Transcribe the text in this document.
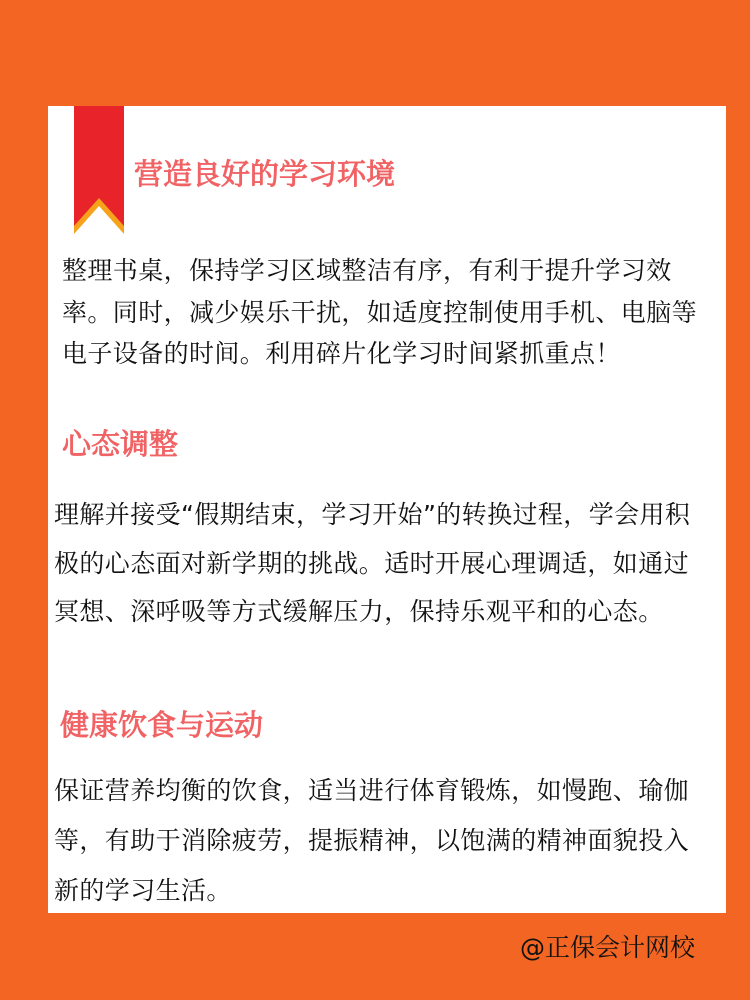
营造良好的学习环境

整理书桌，保持学习区域整洁有序，有利于提升学习效率。同时，减少娱乐干扰，如适度控制使用手机、电脑等电子设备的时间。利用碎片化学习时间紧抓重点！

心态调整

理解并接受“假期结束，学习开始”的转换过程，学会用积极的心态面对新学期的挑战。适时开展心理调适，如通过冥想、深呼吸等方式缓解压力，保持乐观平和的心态。

健康饮食与运动

保证营养均衡的饮食，适当进行体育锻炼，如慢跑、瑜伽等，有助于消除疲劳，提振精神，以饱满的精神面貌投入新的学习生活。

@正保会计网校
